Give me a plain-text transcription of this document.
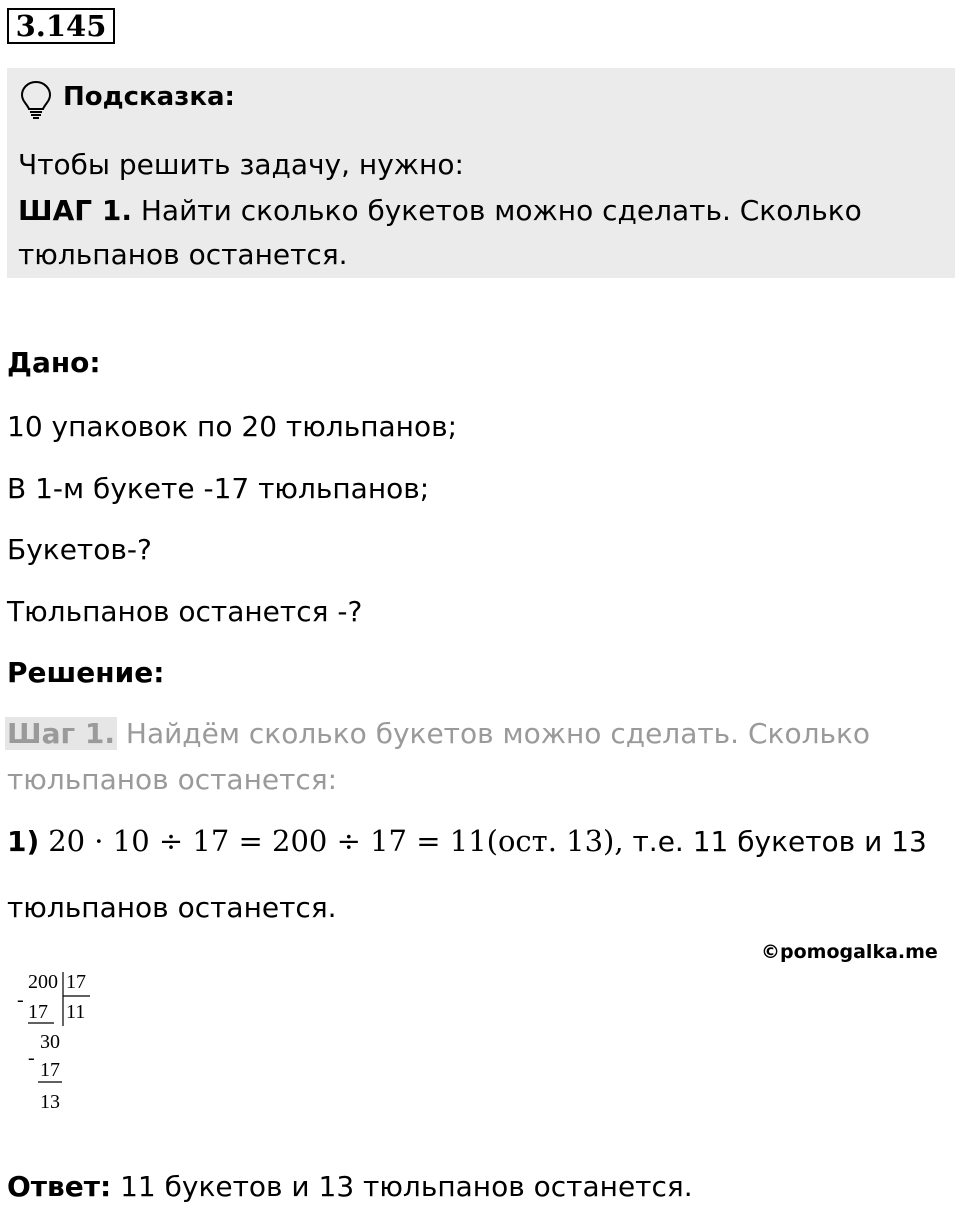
3.145
Подсказка:
Чтобы решить задачу, нужно:
ШАГ 1. Найти сколько букетов можно сделать. Сколько
тюльпанов останется.
Дано:
10 упаковок по 20 тюльпанов;
В 1-м букете -17 тюльпанов;
Букетов-?
Тюльпанов останется -?
Решение:
Шаг 1. Найдём сколько букетов можно сделать. Сколько
тюльпанов останется:
1) 20 · 10 ÷ 17 = 200 ÷ 17 = 11(ост. 13), т.е. 11 букетов и 13
тюльпанов останется.
©pomogalka.me
200 17
11
-
17
30
-
17
13
Ответ: 11 букетов и 13 тюльпанов останется.
